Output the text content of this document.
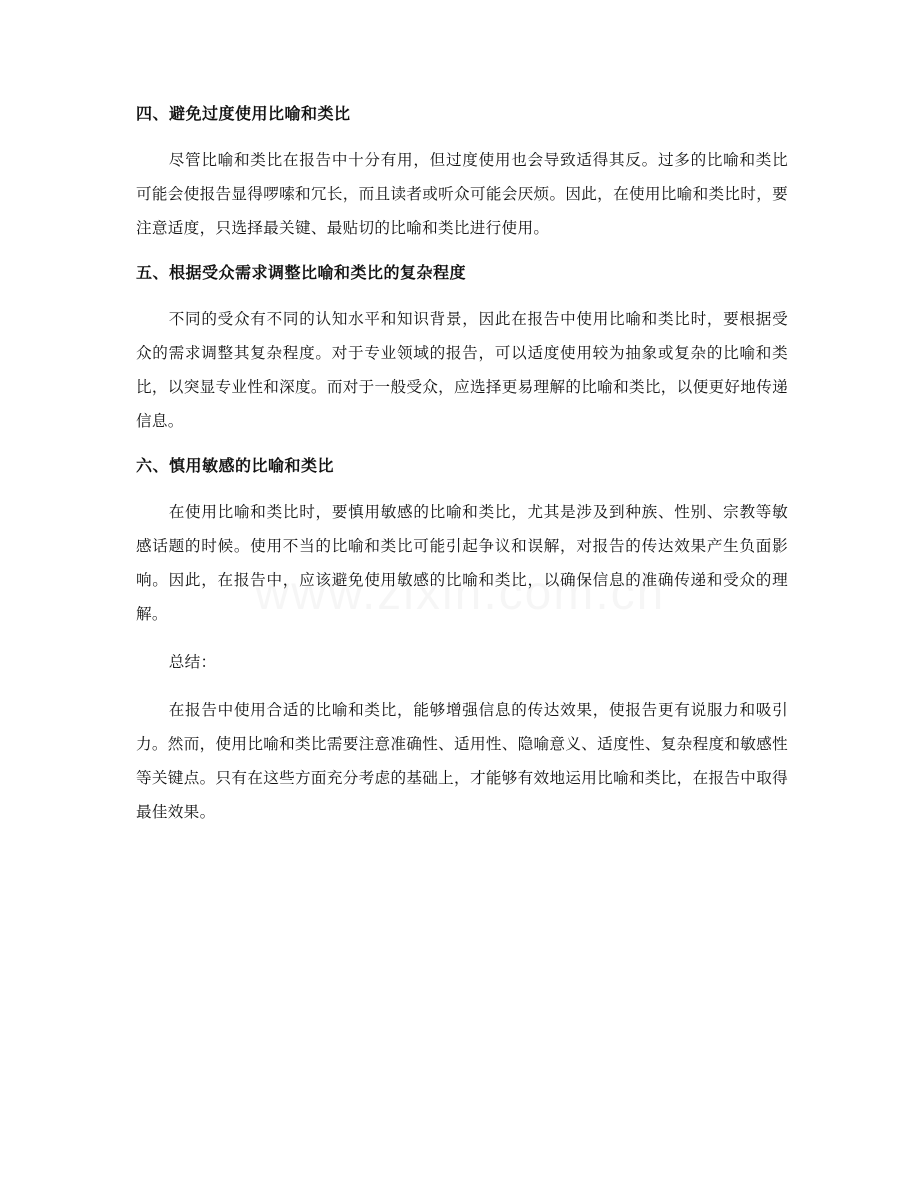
四、避免过度使用比喻和类比

尽管比喻和类比在报告中十分有用，但过度使用也会导致适得其反。过多的比喻和类比可能会使报告显得啰嗦和冗长，而且读者或听众可能会厌烦。因此，在使用比喻和类比时，要注意适度，只选择最关键、最贴切的比喻和类比进行使用。

五、根据受众需求调整比喻和类比的复杂程度

不同的受众有不同的认知水平和知识背景，因此在报告中使用比喻和类比时，要根据受众的需求调整其复杂程度。对于专业领域的报告，可以适度使用较为抽象或复杂的比喻和类比，以突显专业性和深度。而对于一般受众，应选择更易理解的比喻和类比，以便更好地传递信息。

六、慎用敏感的比喻和类比

在使用比喻和类比时，要慎用敏感的比喻和类比，尤其是涉及到种族、性别、宗教等敏感话题的时候。使用不当的比喻和类比可能引起争议和误解，对报告的传达效果产生负面影响。因此，在报告中，应该避免使用敏感的比喻和类比，以确保信息的准确传递和受众的理解。

总结：

在报告中使用合适的比喻和类比，能够增强信息的传达效果，使报告更有说服力和吸引力。然而，使用比喻和类比需要注意准确性、适用性、隐喻意义、适度性、复杂程度和敏感性等关键点。只有在这些方面充分考虑的基础上，才能够有效地运用比喻和类比，在报告中取得最佳效果。
